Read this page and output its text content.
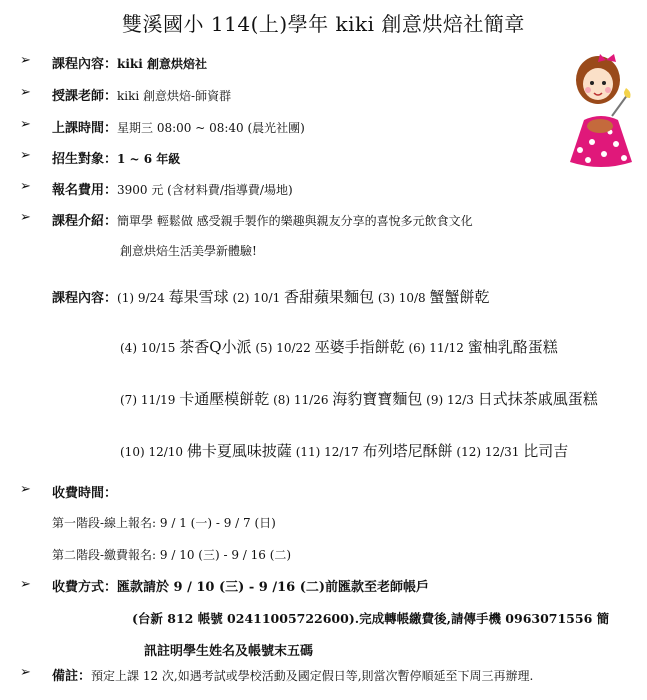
雙溪國小 114(上)學年 kiki 創意烘焙社簡章
➢ 課程內容：kiki 創意烘焙社
➢ 授課老師：kiki 創意烘焙-師資群
➢ 上課時間：星期三 08:00 ~ 08:40 (晨光社團)
➢ 招生對象：1 ~ 6 年級
➢ 報名費用：3900 元 (含材料費/指導費/場地)
➢ 課程介紹：簡單學 輕鬆做 感受親手製作的樂趣與親友分享的喜悅多元飲食文化
創意烘焙生活美學新體驗!
課程內容：(1) 9/24 莓果雪球 (2) 10/1 香甜蘋果麵包 (3) 10/8 蟹蟹餅乾
(4) 10/15 茶香Q小派 (5) 10/22 巫婆手指餅乾 (6) 11/12 蜜柚乳酪蛋糕
(7) 11/19 卡通壓模餅乾 (8) 11/26 海豹寶寶麵包 (9) 12/3 日式抹茶戚風蛋糕
(10) 12/10 佛卡夏風味披薩 (11) 12/17 布列塔尼酥餅 (12) 12/31 比司吉
➢ 收費時間：
第一階段-線上報名: 9 / 1 (一) - 9 / 7 (日)
第二階段-繳費報名: 9 / 10 (三) - 9 / 16 (二)
➢ 收費方式：匯款請於 9 / 10 (三) - 9 /16 (二)前匯款至老師帳戶
(台新 812 帳號 02411005722600).完成轉帳繳費後,請傳手機 0963071556 簡
訊註明學生姓名及帳號末五碼
➢ 備註：預定上課 12 次,如遇考試或學校活動及國定假日等,則當次暫停順延至下周三再辦理.
